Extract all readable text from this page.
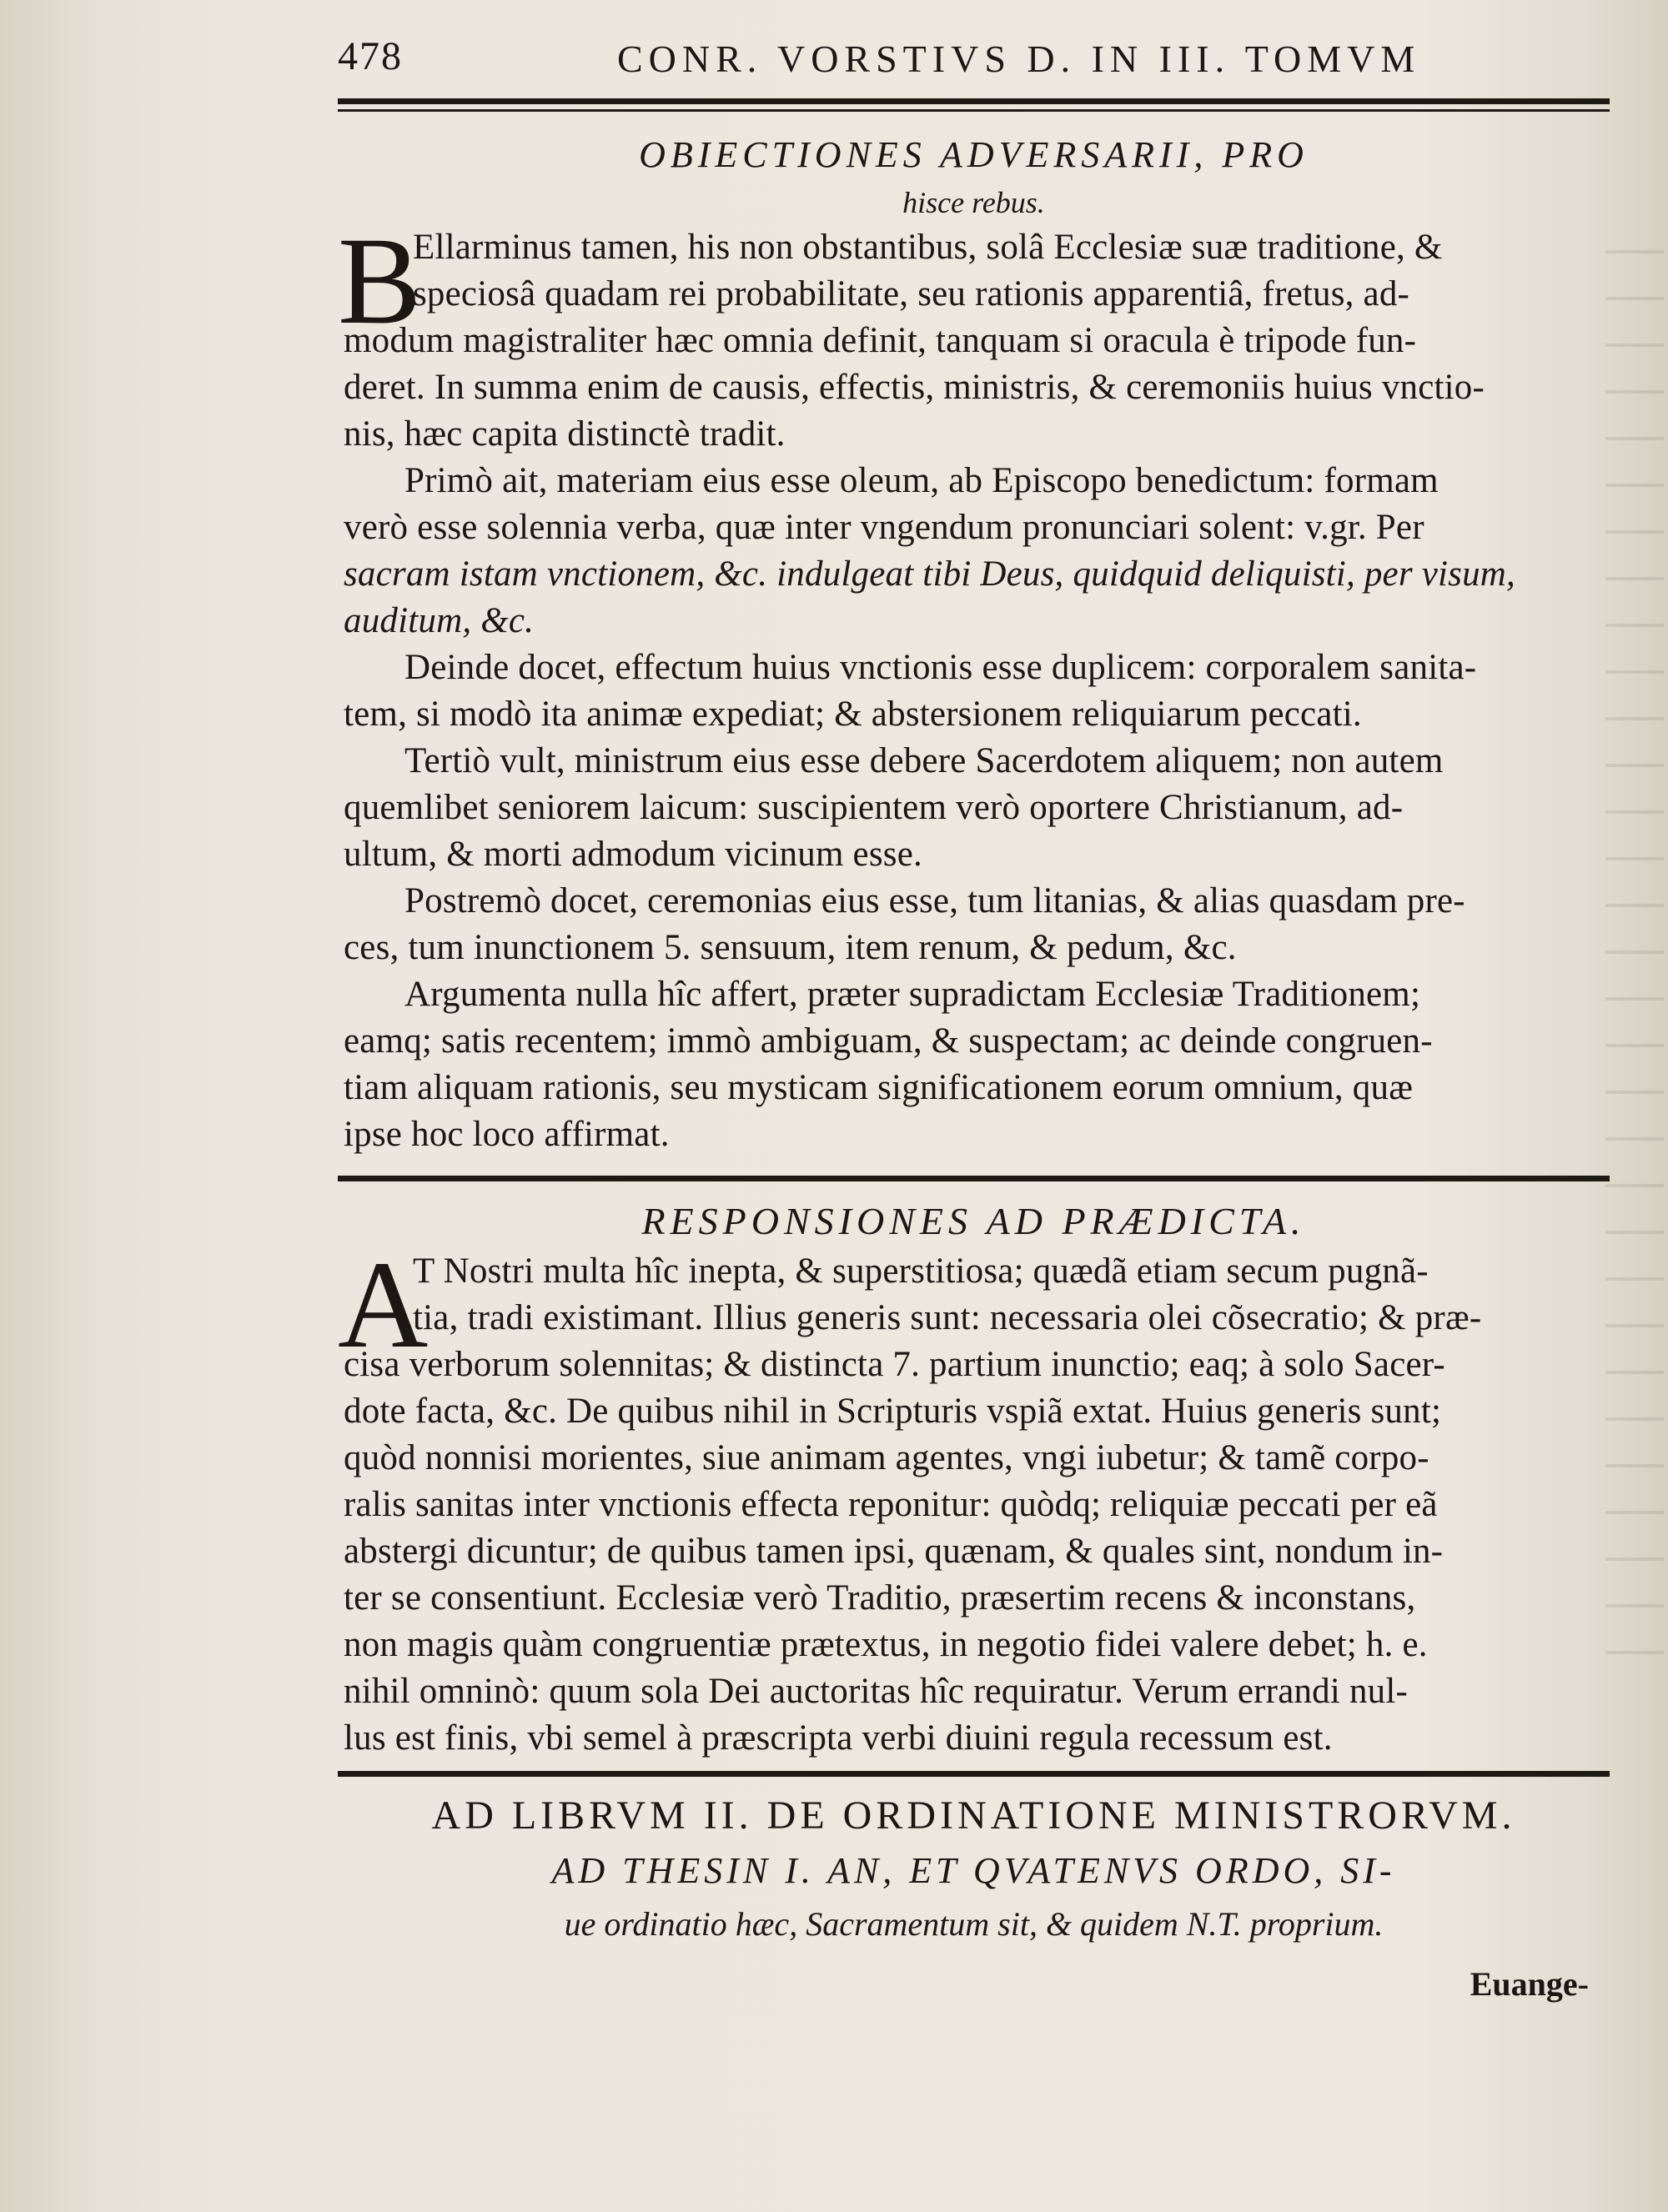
478	CONR. VORSTIVS D. IN III. TOMVM
OBIECTIONES ADVERSARII, PRO
hisce rebus.
B
Ellarminus tamen, his non obstantibus, solâ Ecclesiæ suæ traditione, &
speciosâ quadam rei probabilitate, seu rationis apparentiâ, fretus, ad-
modum magistraliter hæc omnia definit, tanquam si oracula è tripode fun-
deret. In summa enim de causis, effectis, ministris, & ceremoniis huius vnctio-
nis, hæc capita distinctè tradit.
Primò ait, materiam eius esse oleum, ab Episcopo benedictum: formam
verò esse solennia verba, quæ inter vngendum pronunciari solent: v.gr. Per
sacram istam vnctionem, &c. indulgeat tibi Deus, quidquid deliquisti, per visum,
auditum, &c.
Deinde docet, effectum huius vnctionis esse duplicem: corporalem sanita-
tem, si modò ita animæ expediat; & abstersionem reliquiarum peccati.
Tertiò vult, ministrum eius esse debere Sacerdotem aliquem; non autem
quemlibet seniorem laicum: suscipientem verò oportere Christianum, ad-
ultum, & morti admodum vicinum esse.
Postremò docet, ceremonias eius esse, tum litanias, & alias quasdam pre-
ces, tum inunctionem 5. sensuum, item renum, & pedum, &c.
Argumenta nulla hîc affert, præter supradictam Ecclesiæ Traditionem;
eamq; satis recentem; immò ambiguam, & suspectam; ac deinde congruen-
tiam aliquam rationis, seu mysticam significationem eorum omnium, quæ
ipse hoc loco affirmat.
RESPONSIONES AD PRÆDICTA.
A
T Nostri multa hîc inepta, & superstitiosa; quædã etiam secum pugnã-
tia, tradi existimant. Illius generis sunt: necessaria olei cõsecratio; & præ-
cisa verborum solennitas; & distincta 7. partium inunctio; eaq; à solo Sacer-
dote facta, &c. De quibus nihil in Scripturis vspiã extat. Huius generis sunt;
quòd nonnisi morientes, siue animam agentes, vngi iubetur; & tamẽ corpo-
ralis sanitas inter vnctionis effecta reponitur: quòdq; reliquiæ peccati per eã
abstergi dicuntur; de quibus tamen ipsi, quænam, & quales sint, nondum in-
ter se consentiunt. Ecclesiæ verò Traditio, præsertim recens & inconstans,
non magis quàm congruentiæ prætextus, in negotio fidei valere debet; h. e.
nihil omninò: quum sola Dei auctoritas hîc requiratur. Verum errandi nul-
lus est finis, vbi semel à præscripta verbi diuini regula recessum est.
AD LIBRVM II. DE ORDINATIONE MINISTRORVM.
AD THESIN I. AN, ET QVATENVS ORDO, SI-
ue ordinatio hæc, Sacramentum sit, & quidem N.T. proprium.
Euange-
